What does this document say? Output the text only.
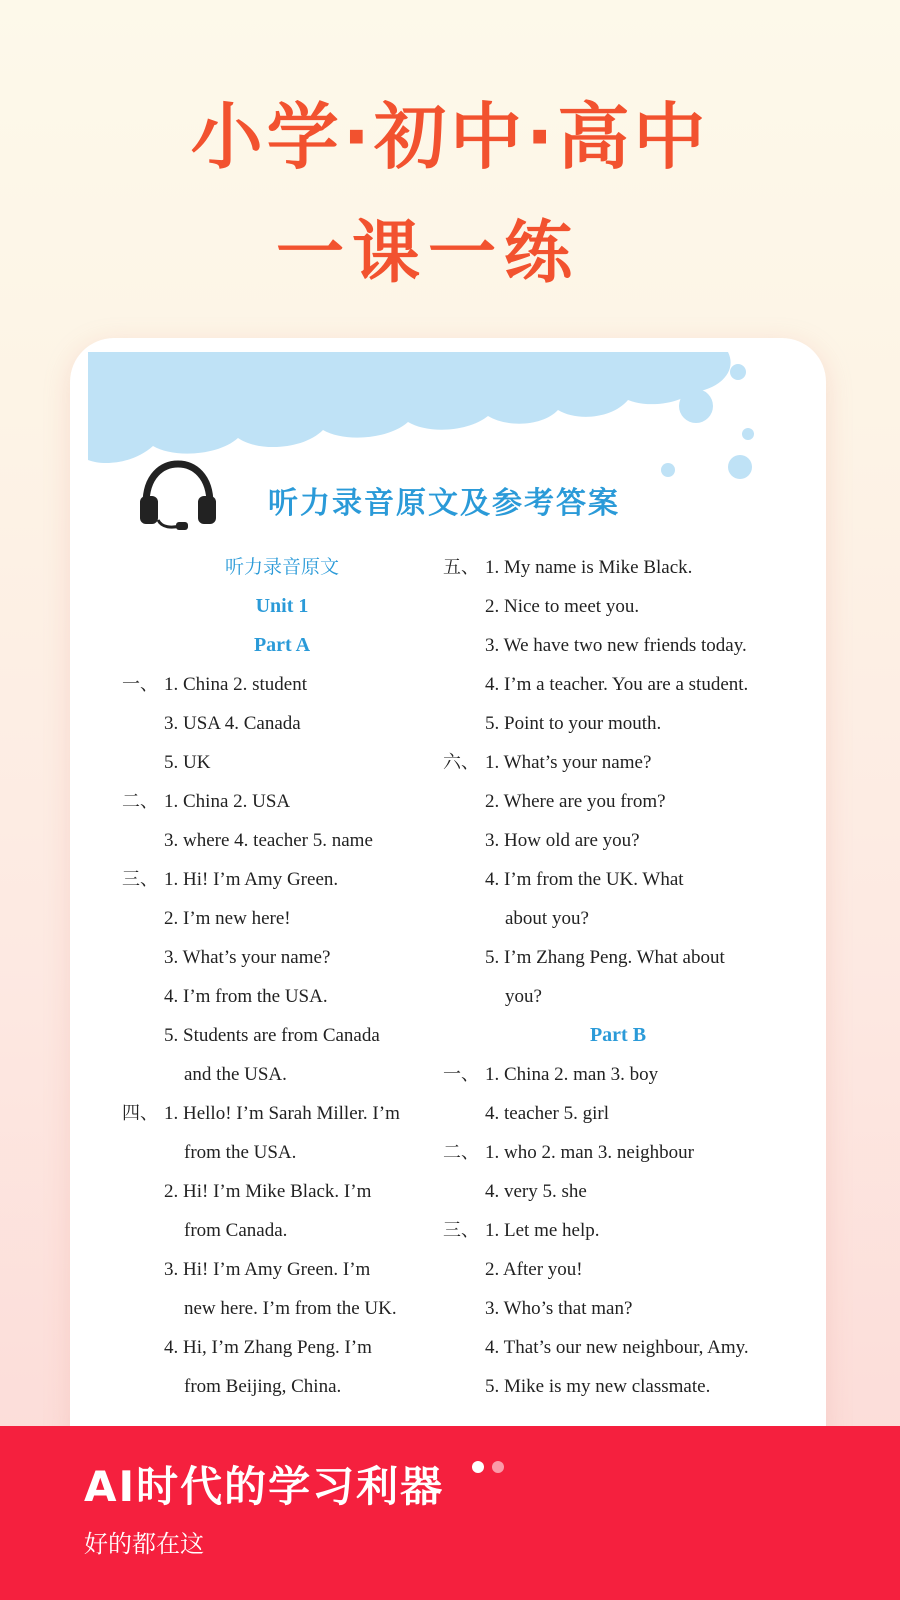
小学·初中·高中
一课一练
听力录音原文及参考答案
听力录音原文
Unit 1
Part A
一、 1. China 2. student
3. USA 4. Canada
5. UK
二、 1. China 2. USA
3. where 4. teacher 5. name
三、 1. Hi! I’m Amy Green.
2. I’m new here!
3. What’s your name?
4. I’m from the USA.
5. Students are from Canada
and the USA.
四、 1. Hello! I’m Sarah Miller. I’m
from the USA.
2. Hi! I’m Mike Black. I’m
from Canada.
3. Hi! I’m Amy Green. I’m
new here. I’m from the UK.
4. Hi, I’m Zhang Peng. I’m
from Beijing, China.
五、 1. My name is Mike Black.
2. Nice to meet you.
3. We have two new friends today.
4. I’m a teacher. You are a student.
5. Point to your mouth.
六、 1. What’s your name?
2. Where are you from?
3. How old are you?
4. I’m from the UK. What
about you?
5. I’m Zhang Peng. What about
you?
Part B
一、 1. China 2. man 3. boy
4. teacher 5. girl
二、 1. who 2. man 3. neighbour
4. very 5. she
三、 1. Let me help.
2. After you!
3. Who’s that man?
4. That’s our new neighbour, Amy.
5. Mike is my new classmate.
AI时代的学习利器
好的都在这
